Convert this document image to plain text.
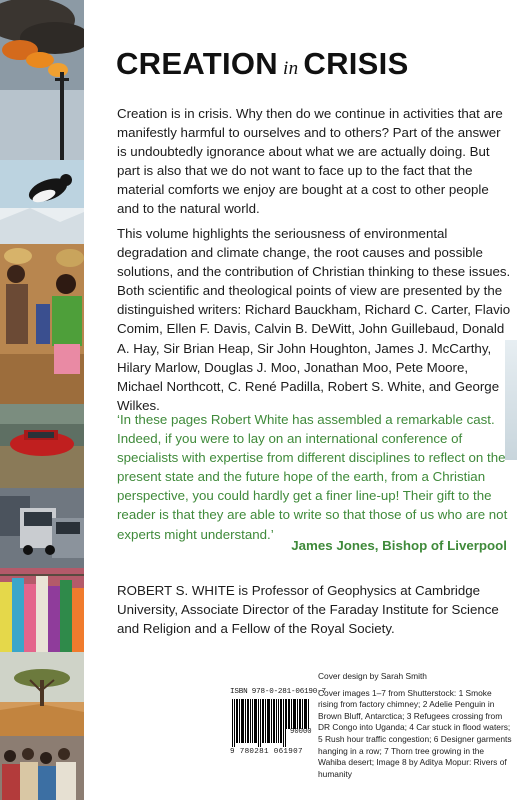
CREATION in CRISIS

Creation is in crisis. Why then do we continue in activities that are manifestly harmful to ourselves and to others? Part of the answer is undoubtedly ignorance about what we are actually doing. But part is also that we do not want to face up to the fact that the material comforts we enjoy are bought at a cost to other people and to the natural world.

This volume highlights the seriousness of environmental degradation and climate change, the root causes and possible solutions, and the contribution of Christian thinking to these issues. Both scientific and theological points of view are presented by the distinguished writers: Richard Bauckham, Richard C. Carter, Flavio Comim, Ellen F. Davis, Calvin B. DeWitt, John Guillebaud, Donald A. Hay, Sir Brian Heap, Sir John Houghton, James J. McCarthy, Hilary Marlow, Douglas J. Moo, Jonathan Moo, Pete Moore, Michael Northcott, C. René Padilla, Robert S. White, and George Wilkes.

‘In these pages Robert White has assembled a remarkable cast. Indeed, if you were to lay on an international conference of specialists with expertise from different disciplines to reflect on the present state and the future hope of the earth, from a Christian perspective, you could hardly get a finer line-up! Their gift to the reader is that they are able to write so that those of us who are not experts might understand.’

James Jones, Bishop of Liverpool

ROBERT S. WHITE is Professor of Geophysics at Cambridge University, Associate Director of the Faraday Institute for Science and Religion and a Fellow of the Royal Society.

ISBN 978-0-281-06190-7
90000
9 780281 061907
Cover design by Sarah Smith
Cover images 1–7 from Shutterstock: 1 Smoke rising from factory chimney; 2 Adelie Penguin in Brown Bluff, Antarctica; 3 Refugees crossing from DR Congo into Uganda; 4 Car stuck in flood waters; 5 Rush hour traffic congestion; 6 Designer garments hanging in a row; 7 Thorn tree growing in the Wahiba desert; Image 8 by Aditya Mopur: Rivers of humanity
